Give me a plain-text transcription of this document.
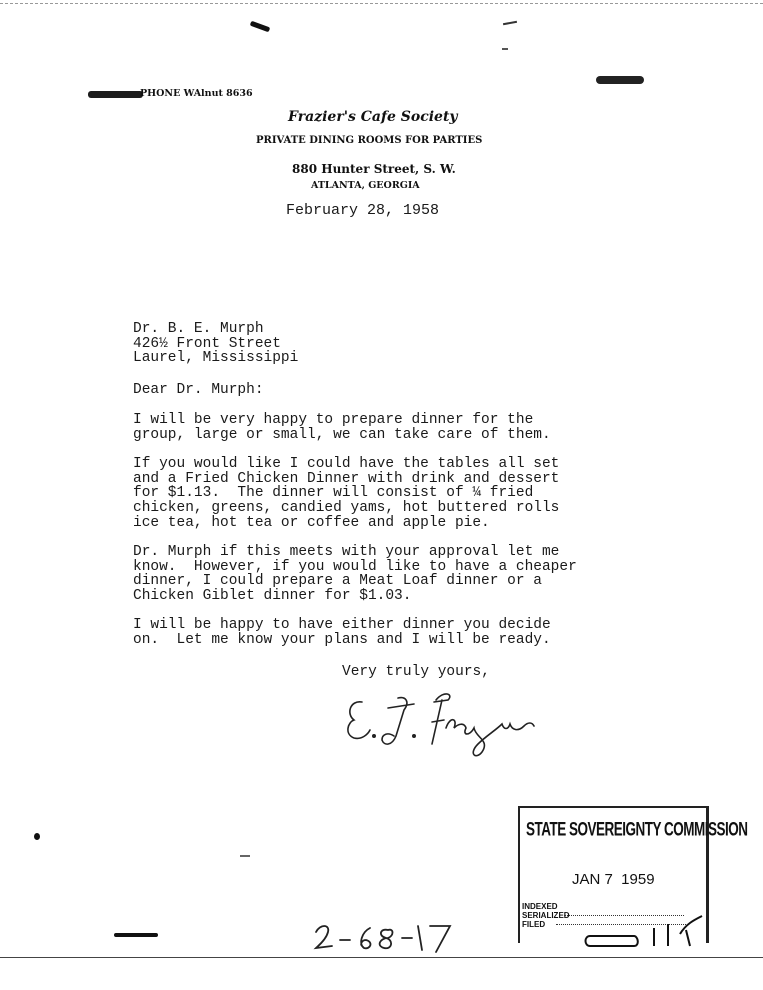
PHONE WAlnut 8636
Frazier's Cafe Society
PRIVATE DINING ROOMS FOR PARTIES
880 Hunter Street, S. W.
ATLANTA, GEORGIA
February 28, 1958
Dr. B. E. Murph
426½ Front Street
Laurel, Mississippi
Dear Dr. Murph:
I will be very happy to prepare dinner for the
group, large or small, we can take care of them.
If you would like I could have the tables all set
and a Fried Chicken Dinner with drink and dessert
for $1.13.  The dinner will consist of ¼ fried
chicken, greens, candied yams, hot buttered rolls
ice tea, hot tea or coffee and apple pie.
Dr. Murph if this meets with your approval let me
know.  However, if you would like to have a cheaper
dinner, I could prepare a Meat Loaf dinner or a
Chicken Giblet dinner for $1.03.
I will be happy to have either dinner you decide
on.  Let me know your plans and I will be ready.
Very truly yours,
STATE SOVEREIGNTY COMMISSION
JAN 7  1959
INDEXED
SERIALIZED
FILED
